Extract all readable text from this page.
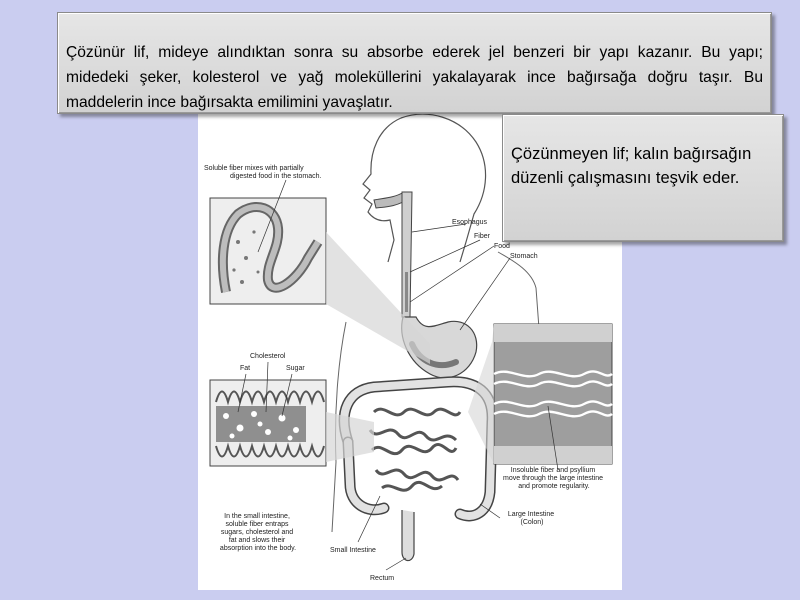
Soluble fiber mixes with partially digested food in the stomach.
Esophagus
Fiber
Food
Stomach
Cholesterol
Fat	Sugar
Insoluble fiber and psyllium move through the large intestine and promote regularity.
Large Intestine (Colon)
In the small intestine, soluble fiber entraps sugars, cholesterol and fat and slows their absorption into the body.	Small Intestine
Rectum
Çözünür lif, mideye alındıktan sonra su absorbe ederek jel benzeri bir yapı kazanır. Bu yapı; midedeki şeker, kolesterol ve yağ moleküllerini yakalayarak ince bağırsağa doğru taşır. Bu maddelerin ince bağırsakta emilimini yavaşlatır.
Çözünmeyen lif; kalın bağırsağın düzenli çalışmasını teşvik eder.
